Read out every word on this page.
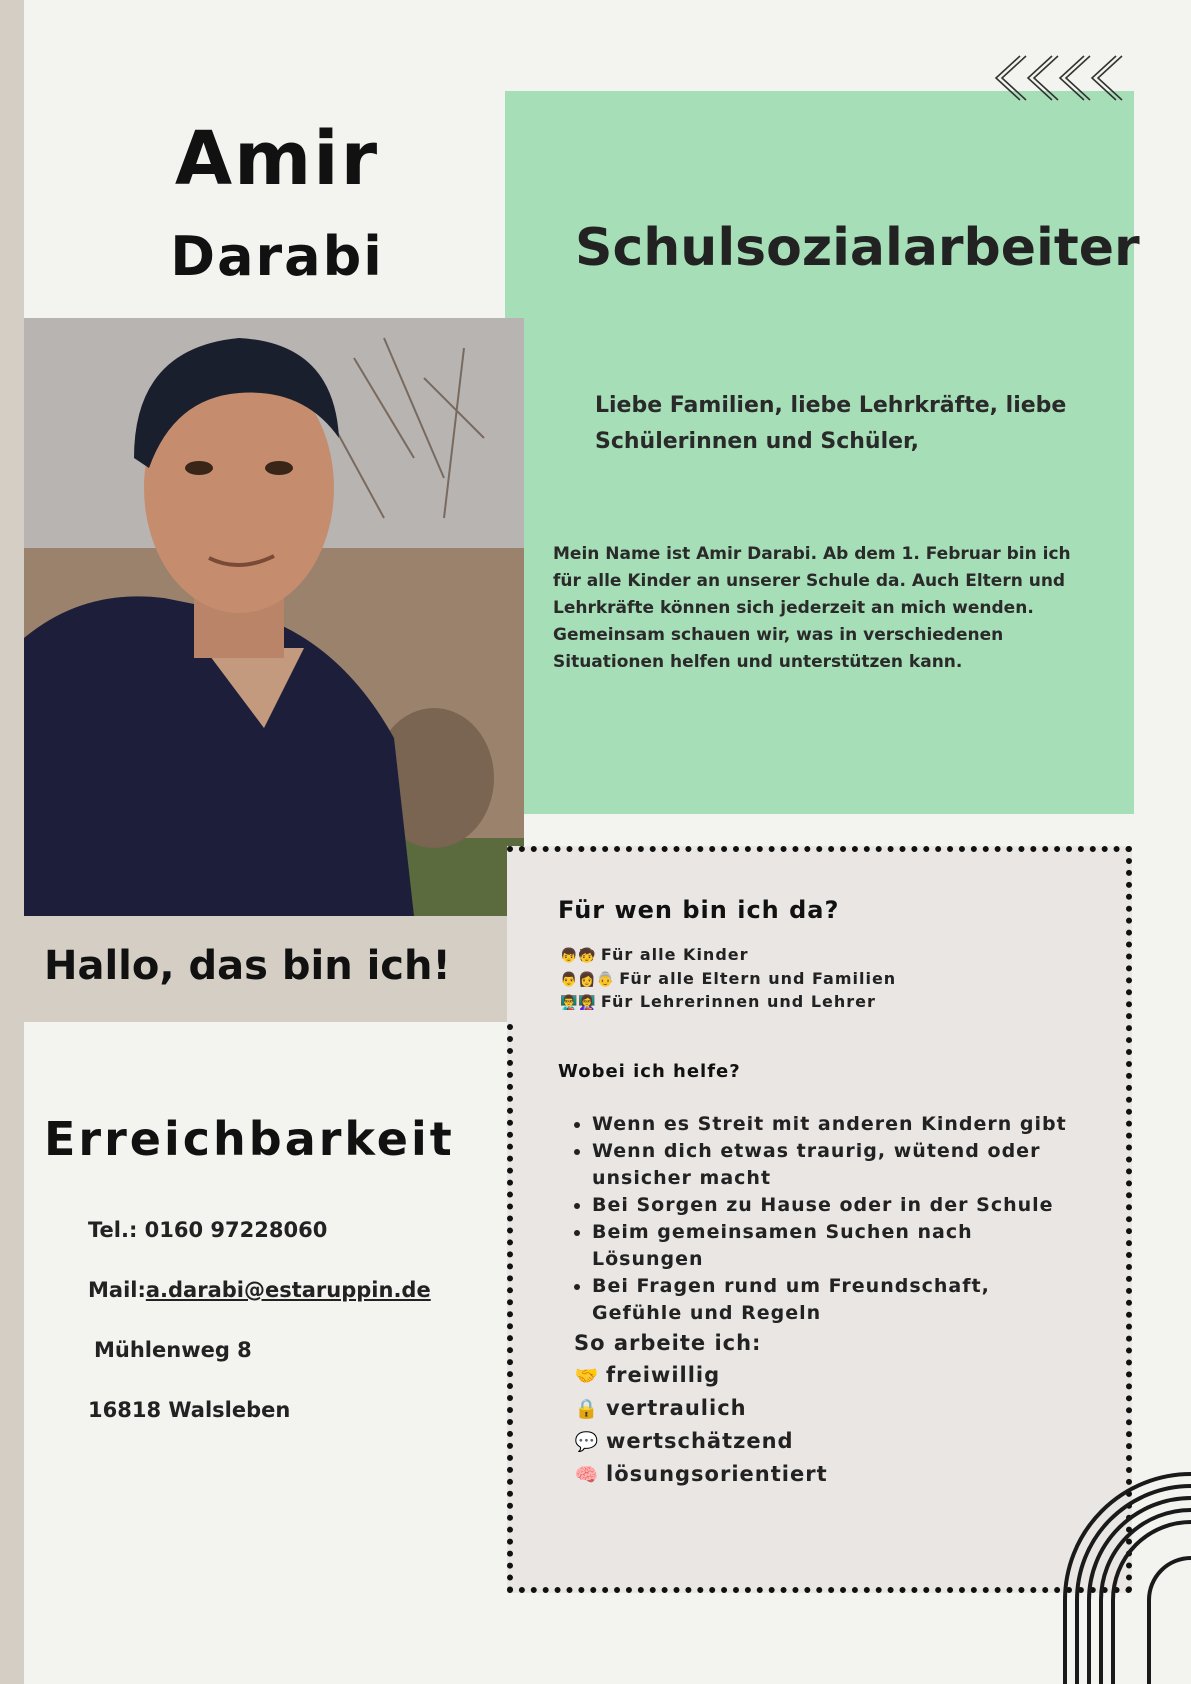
Amir
Darabi	Schulsozialarbeiter
Hallo, das bin ich!
Liebe Familien, liebe Lehrkräfte, liebe Schülerinnen und Schüler,
Mein Name ist Amir Darabi. Ab dem 1. Februar bin ich für alle Kinder an unserer Schule da. Auch Eltern und Lehrkräfte können sich jederzeit an mich wenden. Gemeinsam schauen wir, was in verschiedenen Situationen helfen und unterstützen kann.
Für wen bin ich da?
👦🧒 Für alle Kinder
👨👩👵 Für alle Eltern und Familien
👨‍🏫👩‍🏫 Für Lehrerinnen und Lehrer
Wobei ich helfe?
• Wenn es Streit mit anderen Kindern gibt
• Wenn dich etwas traurig, wütend oder unsicher macht
• Bei Sorgen zu Hause oder in der Schule
• Beim gemeinsamen Suchen nach Lösungen
• Bei Fragen rund um Freundschaft, Gefühle und Regeln
So arbeite ich:
🤝 freiwillig
🔒 vertraulich
💬 wertschätzend
🧠 lösungsorientiert
Erreichbarkeit
Tel.: 0160 97228060
Mail:a.darabi@estaruppin.de
Mühlenweg 8
16818 Walsleben
